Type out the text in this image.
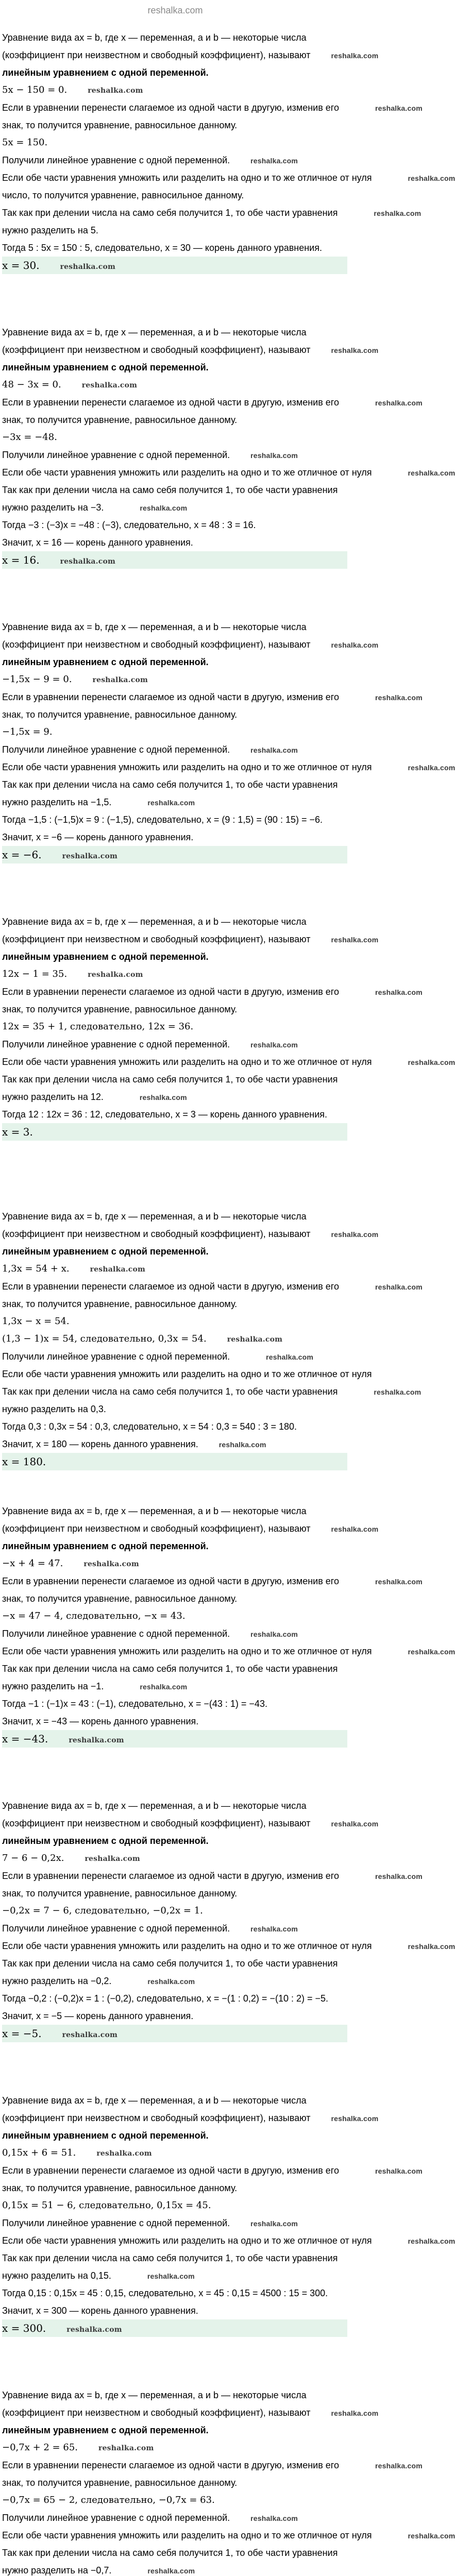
reshalka.com
Уравнение вида ax = b, где x — переменная, a и b — некоторые числа
(коэффициент при неизвестном и свободный коэффициент), называют	reshalka.com
линейным уравнением с одной переменной.
5x − 150 = 0.	reshalka.com
Если в уравнении перенести слагаемое из одной части в другую, изменив его	reshalka.com
знак, то получится уравнение, равносильное данному.
5x = 150.
Получили линейное уравнение с одной переменной.	reshalka.com
Если обе части уравнения умножить или разделить на одно и то же отличное от нуля	reshalka.com
число, то получится уравнение, равносильное данному.
Так как при делении числа на само себя получится 1, то обе части уравнения	reshalka.com
нужно разделить на 5.
Тогда 5 : 5x = 150 : 5, следовательно, x = 30 — корень данного уравнения.
x = 30.	reshalka.com
Уравнение вида ax = b, где x — переменная, a и b — некоторые числа
(коэффициент при неизвестном и свободный коэффициент), называют	reshalka.com
линейным уравнением с одной переменной.
48 − 3x = 0.	reshalka.com
Если в уравнении перенести слагаемое из одной части в другую, изменив его	reshalka.com
знак, то получится уравнение, равносильное данному.
−3x = −48.
Получили линейное уравнение с одной переменной.	reshalka.com
Если обе части уравнения умножить или разделить на одно и то же отличное от нуля	reshalka.com
Так как при делении числа на само себя получится 1, то обе части уравнения
нужно разделить на −3.	reshalka.com
Тогда −3 : (−3)x = −48 : (−3), следовательно, x = 48 : 3 = 16.
Значит, x = 16 — корень данного уравнения.
x = 16.	reshalka.com
Уравнение вида ax = b, где x — переменная, a и b — некоторые числа
(коэффициент при неизвестном и свободный коэффициент), называют	reshalka.com
линейным уравнением с одной переменной.
−1,5x − 9 = 0.	reshalka.com
Если в уравнении перенести слагаемое из одной части в другую, изменив его	reshalka.com
знак, то получится уравнение, равносильное данному.
−1,5x = 9.
Получили линейное уравнение с одной переменной.	reshalka.com
Если обе части уравнения умножить или разделить на одно и то же отличное от нуля	reshalka.com
Так как при делении числа на само себя получится 1, то обе части уравнения
нужно разделить на −1,5.	reshalka.com
Тогда −1,5 : (−1,5)x = 9 : (−1,5), следовательно, x = (9 : 1,5) = (90 : 15) = −6.
Значит, x = −6 — корень данного уравнения.
x = −6.	reshalka.com
Уравнение вида ax = b, где x — переменная, a и b — некоторые числа
(коэффициент при неизвестном и свободный коэффициент), называют	reshalka.com
линейным уравнением с одной переменной.
12x − 1 = 35.	reshalka.com
Если в уравнении перенести слагаемое из одной части в другую, изменив его	reshalka.com
знак, то получится уравнение, равносильное данному.
12x = 35 + 1, следовательно, 12x = 36.
Получили линейное уравнение с одной переменной.	reshalka.com
Если обе части уравнения умножить или разделить на одно и то же отличное от нуля	reshalka.com
Так как при делении числа на само себя получится 1, то обе части уравнения
нужно разделить на 12.	reshalka.com
Тогда 12 : 12x = 36 : 12, следовательно, x = 3 — корень данного уравнения.
x = 3.
Уравнение вида ax = b, где x — переменная, a и b — некоторые числа
(коэффициент при неизвестном и свободный коэффициент), называют	reshalka.com
линейным уравнением с одной переменной.
1,3x = 54 + x.	reshalka.com
Если в уравнении перенести слагаемое из одной части в другую, изменив его	reshalka.com
знак, то получится уравнение, равносильное данному.
1,3x − x = 54.
(1,3 − 1)x = 54, следовательно, 0,3x = 54.	reshalka.com
Получили линейное уравнение с одной переменной.	reshalka.com
Если обе части уравнения умножить или разделить на одно и то же отличное от нуля
Так как при делении числа на само себя получится 1, то обе части уравнения	reshalka.com
нужно разделить на 0,3.
Тогда 0,3 : 0,3x = 54 : 0,3, следовательно, x = 54 : 0,3 = 540 : 3 = 180.
Значит, x = 180 — корень данного уравнения.	reshalka.com
x = 180.
Уравнение вида ax = b, где x — переменная, a и b — некоторые числа
(коэффициент при неизвестном и свободный коэффициент), называют	reshalka.com
линейным уравнением с одной переменной.
−x + 4 = 47.	reshalka.com
Если в уравнении перенести слагаемое из одной части в другую, изменив его	reshalka.com
знак, то получится уравнение, равносильное данному.
−x = 47 − 4, следовательно, −x = 43.
Получили линейное уравнение с одной переменной.	reshalka.com
Если обе части уравнения умножить или разделить на одно и то же отличное от нуля	reshalka.com
Так как при делении числа на само себя получится 1, то обе части уравнения
нужно разделить на −1.	reshalka.com
Тогда −1 : (−1)x = 43 : (−1), следовательно, x = −(43 : 1) = −43.
Значит, x = −43 — корень данного уравнения.
x = −43.	reshalka.com
Уравнение вида ax = b, где x — переменная, a и b — некоторые числа
(коэффициент при неизвестном и свободный коэффициент), называют	reshalka.com
линейным уравнением с одной переменной.
7 − 6 − 0,2x.	reshalka.com
Если в уравнении перенести слагаемое из одной части в другую, изменив его	reshalka.com
знак, то получится уравнение, равносильное данному.
−0,2x = 7 − 6, следовательно, −0,2x = 1.
Получили линейное уравнение с одной переменной.	reshalka.com
Если обе части уравнения умножить или разделить на одно и то же отличное от нуля	reshalka.com
Так как при делении числа на само себя получится 1, то обе части уравнения
нужно разделить на −0,2.	reshalka.com
Тогда −0,2 : (−0,2)x = 1 : (−0,2), следовательно, x = −(1 : 0,2) = −(10 : 2) = −5.
Значит, x = −5 — корень данного уравнения.
x = −5.	reshalka.com
Уравнение вида ax = b, где x — переменная, a и b — некоторые числа
(коэффициент при неизвестном и свободный коэффициент), называют	reshalka.com
линейным уравнением с одной переменной.
0,15x + 6 = 51.	reshalka.com
Если в уравнении перенести слагаемое из одной части в другую, изменив его	reshalka.com
знак, то получится уравнение, равносильное данному.
0,15x = 51 − 6, следовательно, 0,15x = 45.
Получили линейное уравнение с одной переменной.	reshalka.com
Если обе части уравнения умножить или разделить на одно и то же отличное от нуля	reshalka.com
Так как при делении числа на само себя получится 1, то обе части уравнения
нужно разделить на 0,15.	reshalka.com
Тогда 0,15 : 0,15x = 45 : 0,15, следовательно, x = 45 : 0,15 = 4500 : 15 = 300.
Значит, x = 300 — корень данного уравнения.
x = 300.	reshalka.com
Уравнение вида ax = b, где x — переменная, a и b — некоторые числа
(коэффициент при неизвестном и свободный коэффициент), называют	reshalka.com
линейным уравнением с одной переменной.
−0,7x + 2 = 65.	reshalka.com
Если в уравнении перенести слагаемое из одной части в другую, изменив его	reshalka.com
знак, то получится уравнение, равносильное данному.
−0,7x = 65 − 2, следовательно, −0,7x = 63.
Получили линейное уравнение с одной переменной.	reshalka.com
Если обе части уравнения умножить или разделить на одно и то же отличное от нуля	reshalka.com
Так как при делении числа на само себя получится 1, то обе части уравнения
нужно разделить на −0,7.	reshalka.com
